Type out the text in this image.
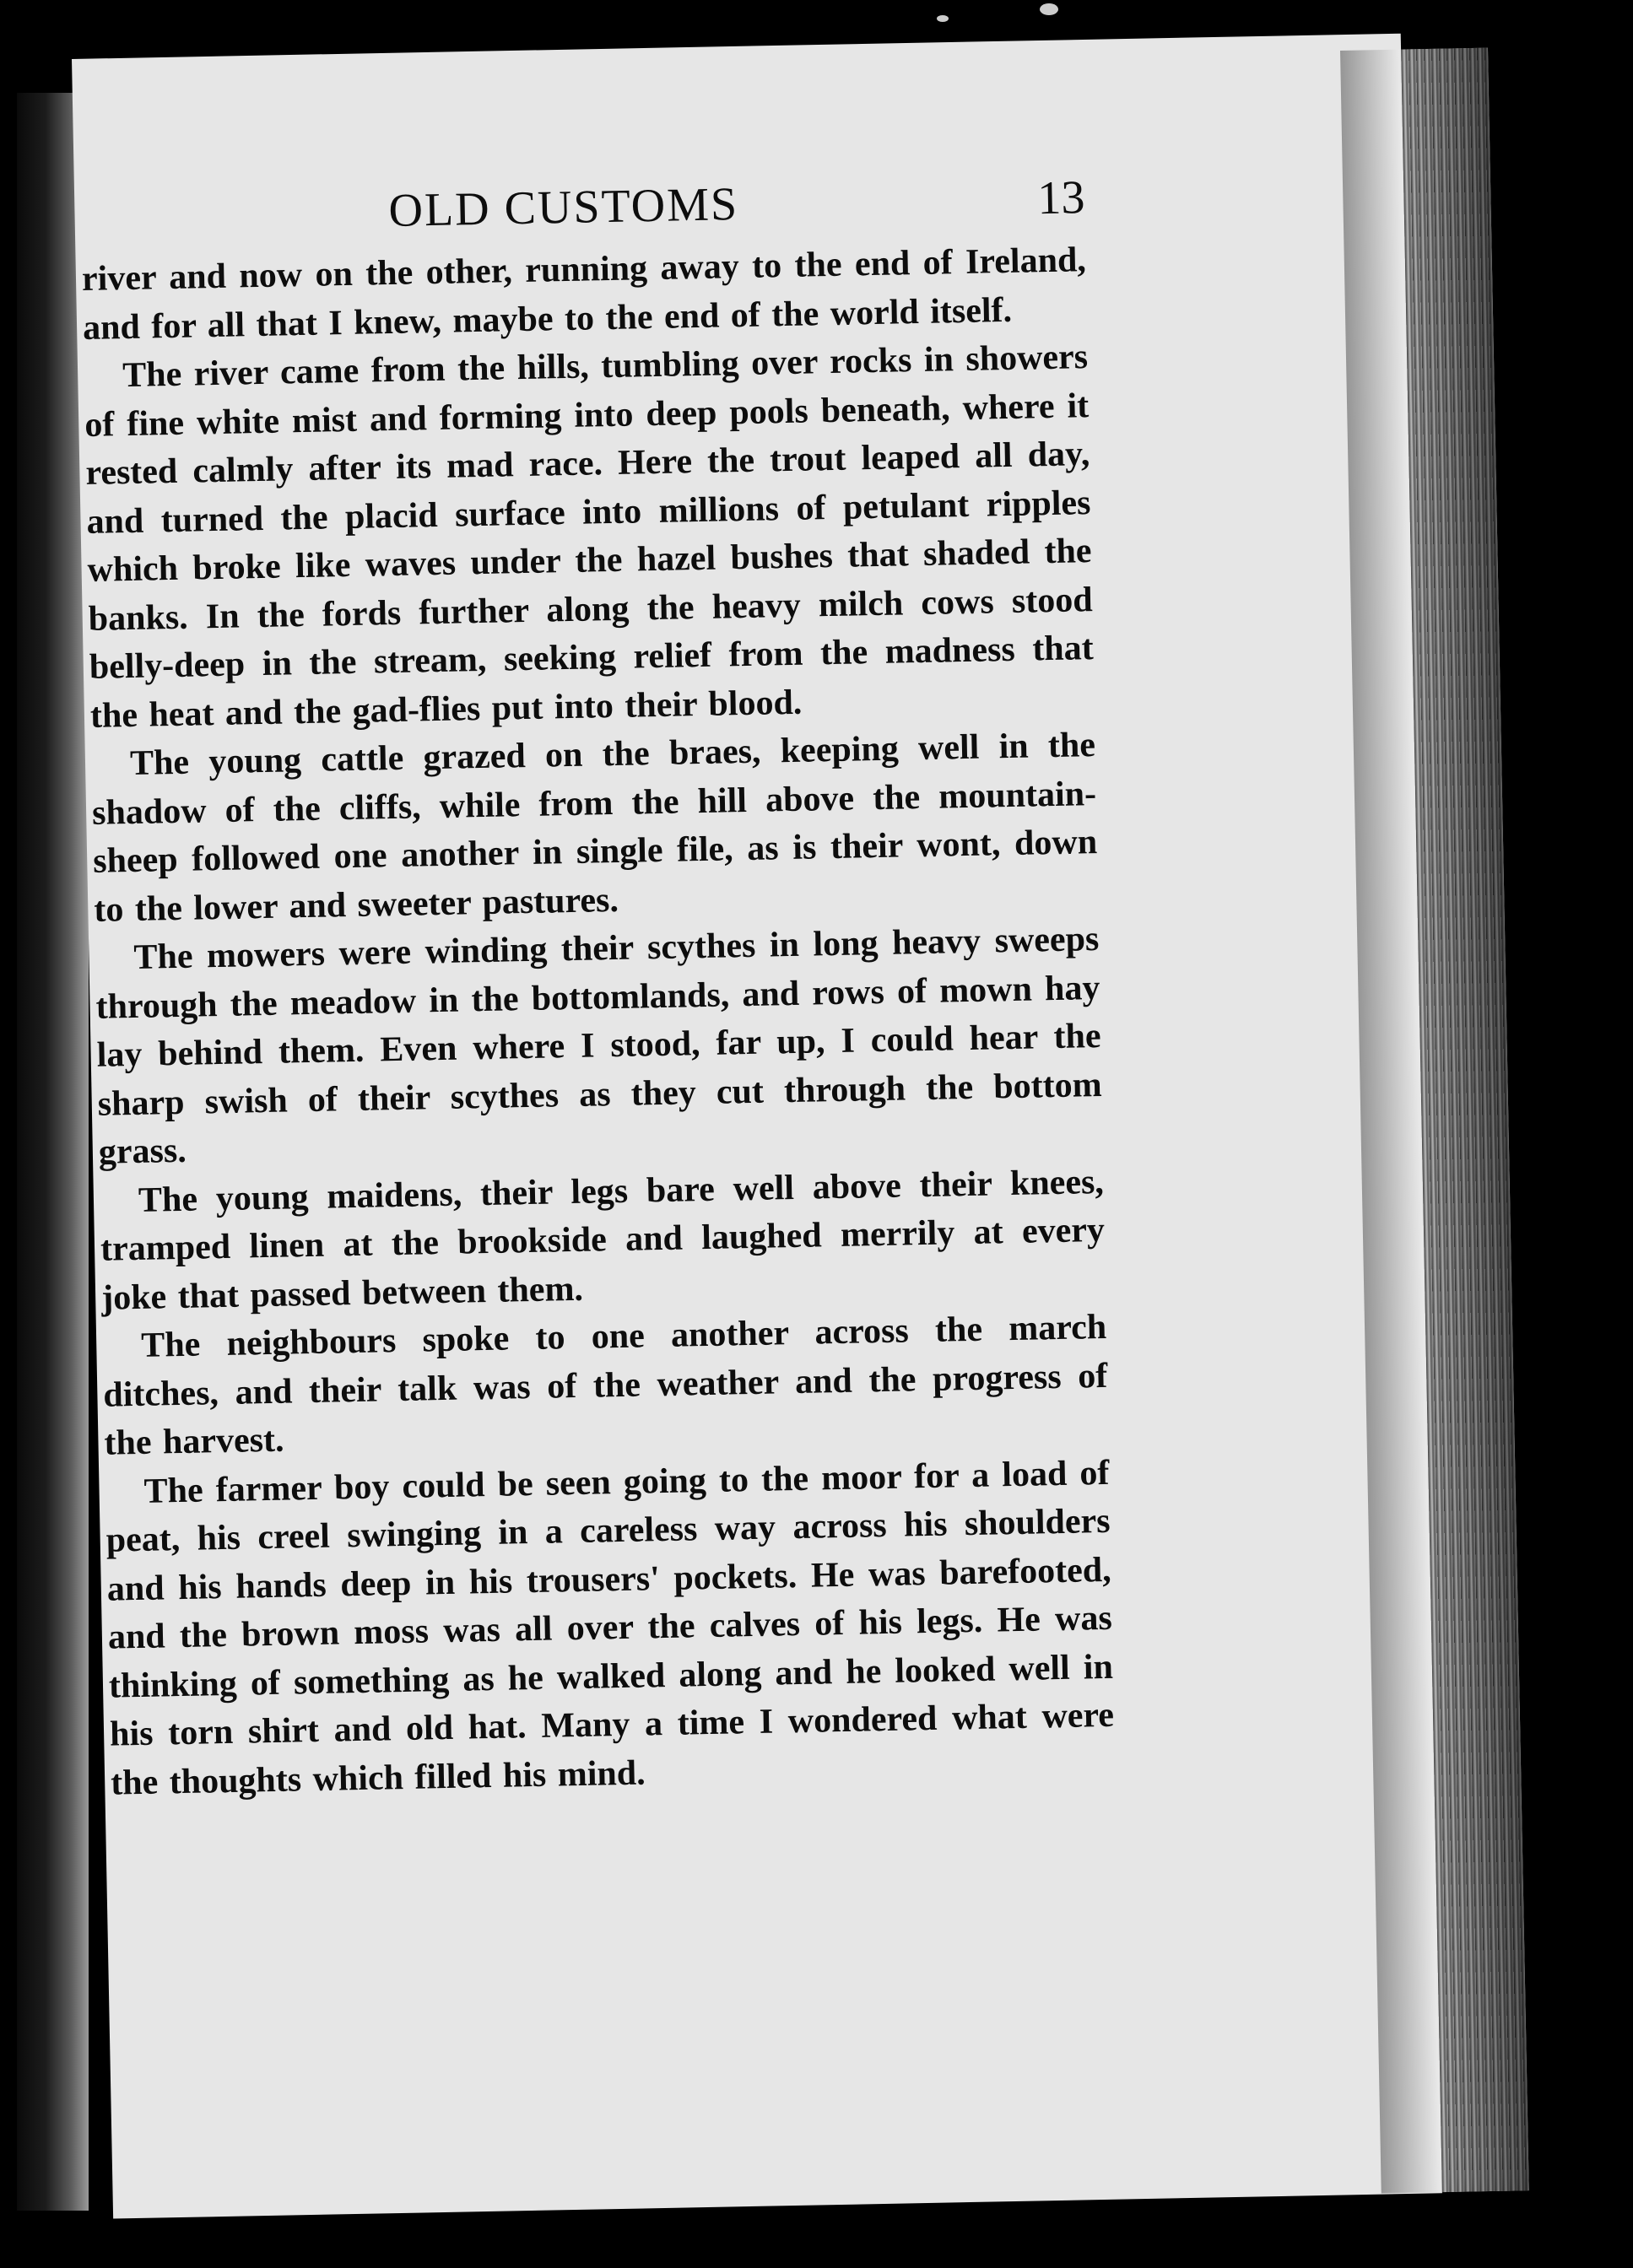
OLD CUSTOMS	13

river and now on the other, running away to the end of Ireland, and for all that I knew, maybe to the end of the world itself.

The river came from the hills, tumbling over rocks in showers of fine white mist and forming into deep pools beneath, where it rested calmly after its mad race. Here the trout leaped all day, and turned the placid surface into millions of petulant ripples which broke like waves under the hazel bushes that shaded the banks. In the fords further along the heavy milch cows stood belly-deep in the stream, seeking relief from the madness that the heat and the gad-flies put into their blood.

The young cattle grazed on the braes, keeping well in the shadow of the cliffs, while from the hill above the mountain-sheep followed one another in single file, as is their wont, down to the lower and sweeter pastures.

The mowers were winding their scythes in long heavy sweeps through the meadow in the bottomlands, and rows of mown hay lay behind them. Even where I stood, far up, I could hear the sharp swish of their scythes as they cut through the bottom grass.

The young maidens, their legs bare well above their knees, tramped linen at the brookside and laughed merrily at every joke that passed between them.

The neighbours spoke to one another across the march ditches, and their talk was of the weather and the progress of the harvest.

The farmer boy could be seen going to the moor for a load of peat, his creel swinging in a careless way across his shoulders and his hands deep in his trousers' pockets. He was barefooted, and the brown moss was all over the calves of his legs. He was thinking of something as he walked along and he looked well in his torn shirt and old hat. Many a time I wondered what were the thoughts which filled his mind.
